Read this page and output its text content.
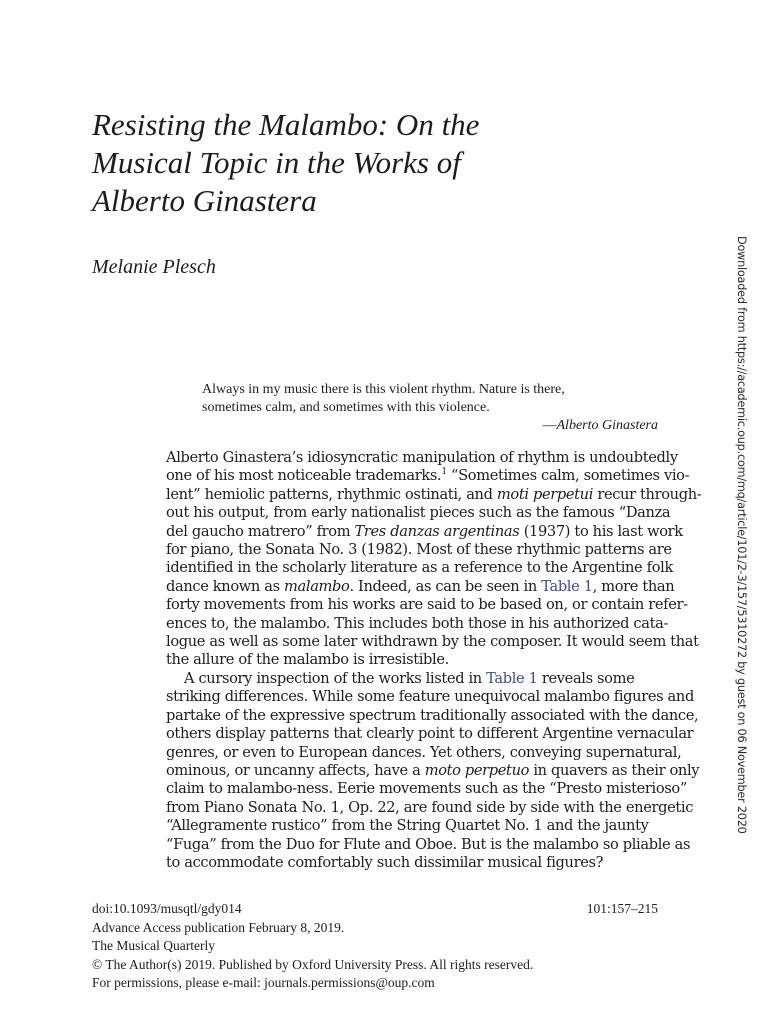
Resisting the Malambo: On the
Musical Topic in the Works of
Alberto Ginastera

Melanie Plesch

Always in my music there is this violent rhythm. Nature is there,
sometimes calm, and sometimes with this violence.
—Alberto Ginastera
Alberto Ginastera’s idiosyncratic manipulation of rhythm is undoubtedly
one of his most noticeable trademarks.$^1$ “Sometimes calm, sometimes vio-
lent” hemiolic patterns, rhythmic ostinati, and moti perpetui recur through-
out his output, from early nationalist pieces such as the famous “Danza
del gaucho matrero” from Tres danzas argentinas (1937) to his last work
for piano, the Sonata No. 3 (1982). Most of these rhythmic patterns are
identified in the scholarly literature as a reference to the Argentine folk
dance known as malambo. Indeed, as can be seen in Table 1, more than
forty movements from his works are said to be based on, or contain refer-
ences to, the malambo. This includes both those in his authorized cata-
logue as well as some later withdrawn by the composer. It would seem that
the allure of the malambo is irresistible.
A cursory inspection of the works listed in Table 1 reveals some
striking differences. While some feature unequivocal malambo figures and
partake of the expressive spectrum traditionally associated with the dance,
others display patterns that clearly point to different Argentine vernacular
genres, or even to European dances. Yet others, conveying supernatural,
ominous, or uncanny affects, have a moto perpetuo in quavers as their only
claim to malambo-ness. Eerie movements such as the “Presto misterioso”
from Piano Sonata No. 1, Op. 22, are found side by side with the energetic
“Allegramente rustico” from the String Quartet No. 1 and the jaunty
“Fuga” from the Duo for Flute and Oboe. But is the malambo so pliable as
to accommodate comfortably such dissimilar musical figures?
doi:10.1093/musqtl/gdy014	101:157–215
Advance Access publication February 8, 2019.
The Musical Quarterly
© The Author(s) 2019. Published by Oxford University Press. All rights reserved.
For permissions, please e-mail: journals.permissions@oup.com
Downloaded from https://academic.oup.com/mq/article/101/2-3/157/5310272 by guest on 06 November 2020
